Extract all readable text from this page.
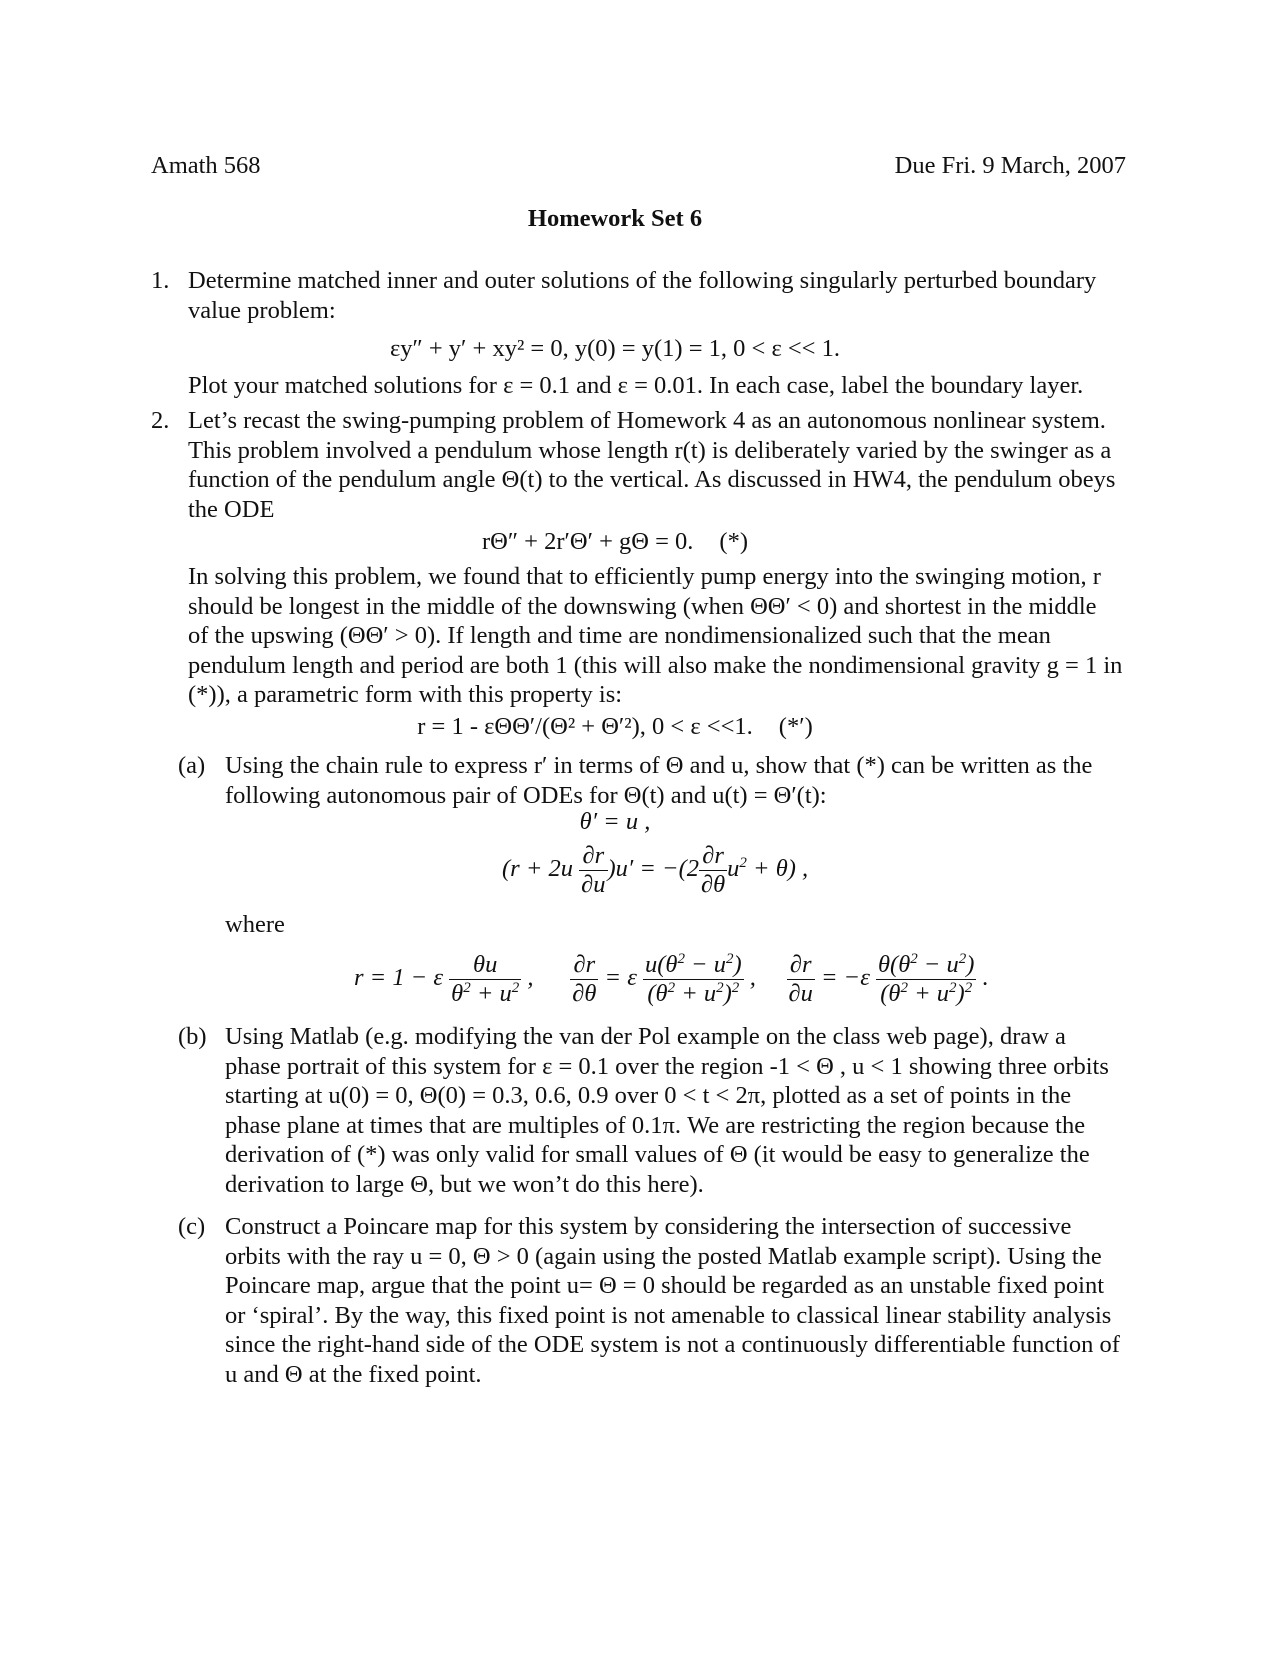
Amath 568	Due Fri. 9 March, 2007
Homework Set 6
1. Determine matched inner and outer solutions of the following singularly perturbed boundary value problem:
εy″ + y′ + xy² = 0, y(0) = y(1) = 1, 0 < ε << 1.
Plot your matched solutions for ε = 0.1 and ε = 0.01. In each case, label the boundary layer.
2. Let’s recast the swing-pumping problem of Homework 4 as an autonomous nonlinear system. This problem involved a pendulum whose length r(t) is deliberately varied by the swinger as a function of the pendulum angle Θ(t) to the vertical. As discussed in HW4, the pendulum obeys the ODE
rΘ″ + 2r′Θ′ + gΘ = 0. (*)
In solving this problem, we found that to efficiently pump energy into the swinging motion, r should be longest in the middle of the downswing (when ΘΘ′ < 0) and shortest in the middle of the upswing (ΘΘ′ > 0). If length and time are nondimensionalized such that the mean pendulum length and period are both 1 (this will also make the nondimensional gravity g = 1 in (*)), a parametric form with this property is:
r = 1 - εΘΘ′/(Θ² + Θ′²), 0 < ε <<1. (*′)
(a) Using the chain rule to express r′ in terms of Θ and u, show that (*) can be written as the following autonomous pair of ODEs for Θ(t) and u(t) = Θ′(t):
θ′ = u ,
$(r + 2u \frac{\partial r}{\partial u} )u' = -(2 \frac{\partial r}{\partial\theta} u^2 + \theta)$ ,
where
r = 1 − ε $\frac{\theta u}{\theta^2 + u^2}$ , $\frac{\partial r}{\partial\theta} = \varepsilon \frac{u(\theta^2 - u^2)}{(\theta^2 + u^2)^2}$ , $\frac{\partial r}{\partial u} = -\varepsilon \frac{\theta(\theta^2 - u^2)}{(\theta^2 + u^2)^2}$ .
(b) Using Matlab (e.g. modifying the van der Pol example on the class web page), draw a phase portrait of this system for ε = 0.1 over the region -1 < Θ , u < 1 showing three orbits starting at u(0) = 0, Θ(0) = 0.3, 0.6, 0.9 over 0 < t < 2π, plotted as a set of points in the phase plane at times that are multiples of 0.1π. We are restricting the region because the derivation of (*) was only valid for small values of Θ (it would be easy to generalize the derivation to large Θ, but we won’t do this here).
(c) Construct a Poincare map for this system by considering the intersection of successive orbits with the ray u = 0, Θ > 0 (again using the posted Matlab example script). Using the Poincare map, argue that the point u= Θ = 0 should be regarded as an unstable fixed point or ‘spiral’. By the way, this fixed point is not amenable to classical linear stability analysis since the right-hand side of the ODE system is not a continuously differentiable function of u and Θ at the fixed point.
